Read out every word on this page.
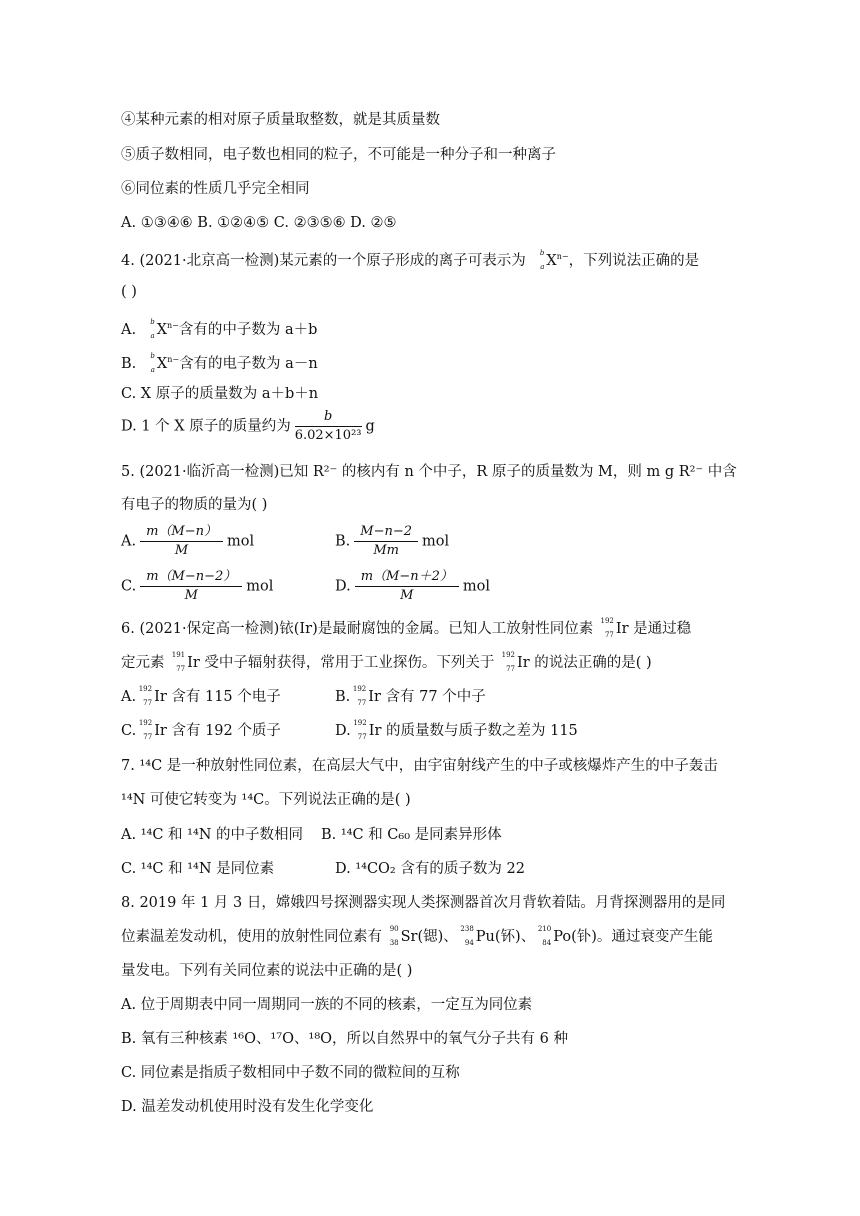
④某种元素的相对原子质量取整数，就是其质量数
⑤质子数相同，电子数也相同的粒子，不可能是一种分子和一种离子
⑥同位素的性质几乎完全相同
A. ①③④⑥ B. ①②④⑤ C. ②③⑤⑥ D. ②⑤
4. (2021·北京高一检测)某元素的一个原子形成的离子可表示为 b
a $X^{n-}$，下列说法正确的是
( )
A. b
a $X^{n-}$含有的中子数为 a＋b
B. b
a $X^{n-}$含有的电子数为 a－n
C. X 原子的质量数为 a＋b＋n
D. 1 个 X 原子的质量约为 $\frac{b}{\text{6.02×10²³}}$ g
5. (2021·临沂高一检测)已知 R²⁻ 的核内有 n 个中子，R 原子的质量数为 M，则 m g R²⁻ 中含
有电子的物质的量为( )
A. $\frac{m(M-n)}{M}$ mol	B. $\frac{M-n-2}{Mm}$ mol
C. $\frac{m(M-n-2)}{M}$ mol	D. $\frac{m(M-n+2)}{M}$ mol
6. (2021·保定高一检测)铱(Ir)是最耐腐蚀的金属。已知人工放射性同位素 192
77 Ir 是通过稳
定元素 191
77 Ir 受中子辐射获得，常用于工业探伤。下列关于 192
77 Ir 的说法正确的是( )
A. 192
77 Ir 含有 115 个电子	B. 192
77 Ir 含有 77 个中子
C. 192
77 Ir 含有 192 个质子	D. 192
77 Ir 的质量数与质子数之差为 115
7. ¹⁴C 是一种放射性同位素，在高层大气中，由宇宙射线产生的中子或核爆炸产生的中子轰击
¹⁴N 可使它转变为 ¹⁴C。下列说法正确的是( )
A. ¹⁴C 和 ¹⁴N 的中子数相同 B. ¹⁴C 和 C₆₀ 是同素异形体
C. ¹⁴C 和 ¹⁴N 是同位素	D. ¹⁴CO₂ 含有的质子数为 22
8. 2019 年 1 月 3 日，嫦娥四号探测器实现人类探测器首次月背软着陆。月背探测器用的是同
位素温差发动机，使用的放射性同位素有 90
38 Sr(锶)、 238
94 Pu(钚)、 210
84 Po(钋)。通过衰变产生能
量发电。下列有关同位素的说法中正确的是( )
A. 位于周期表中同一周期同一族的不同的核素，一定互为同位素
B. 氧有三种核素 ¹⁶O、¹⁷O、¹⁸O，所以自然界中的氧气分子共有 6 种
C. 同位素是指质子数相同中子数不同的微粒间的互称
D. 温差发动机使用时没有发生化学变化
